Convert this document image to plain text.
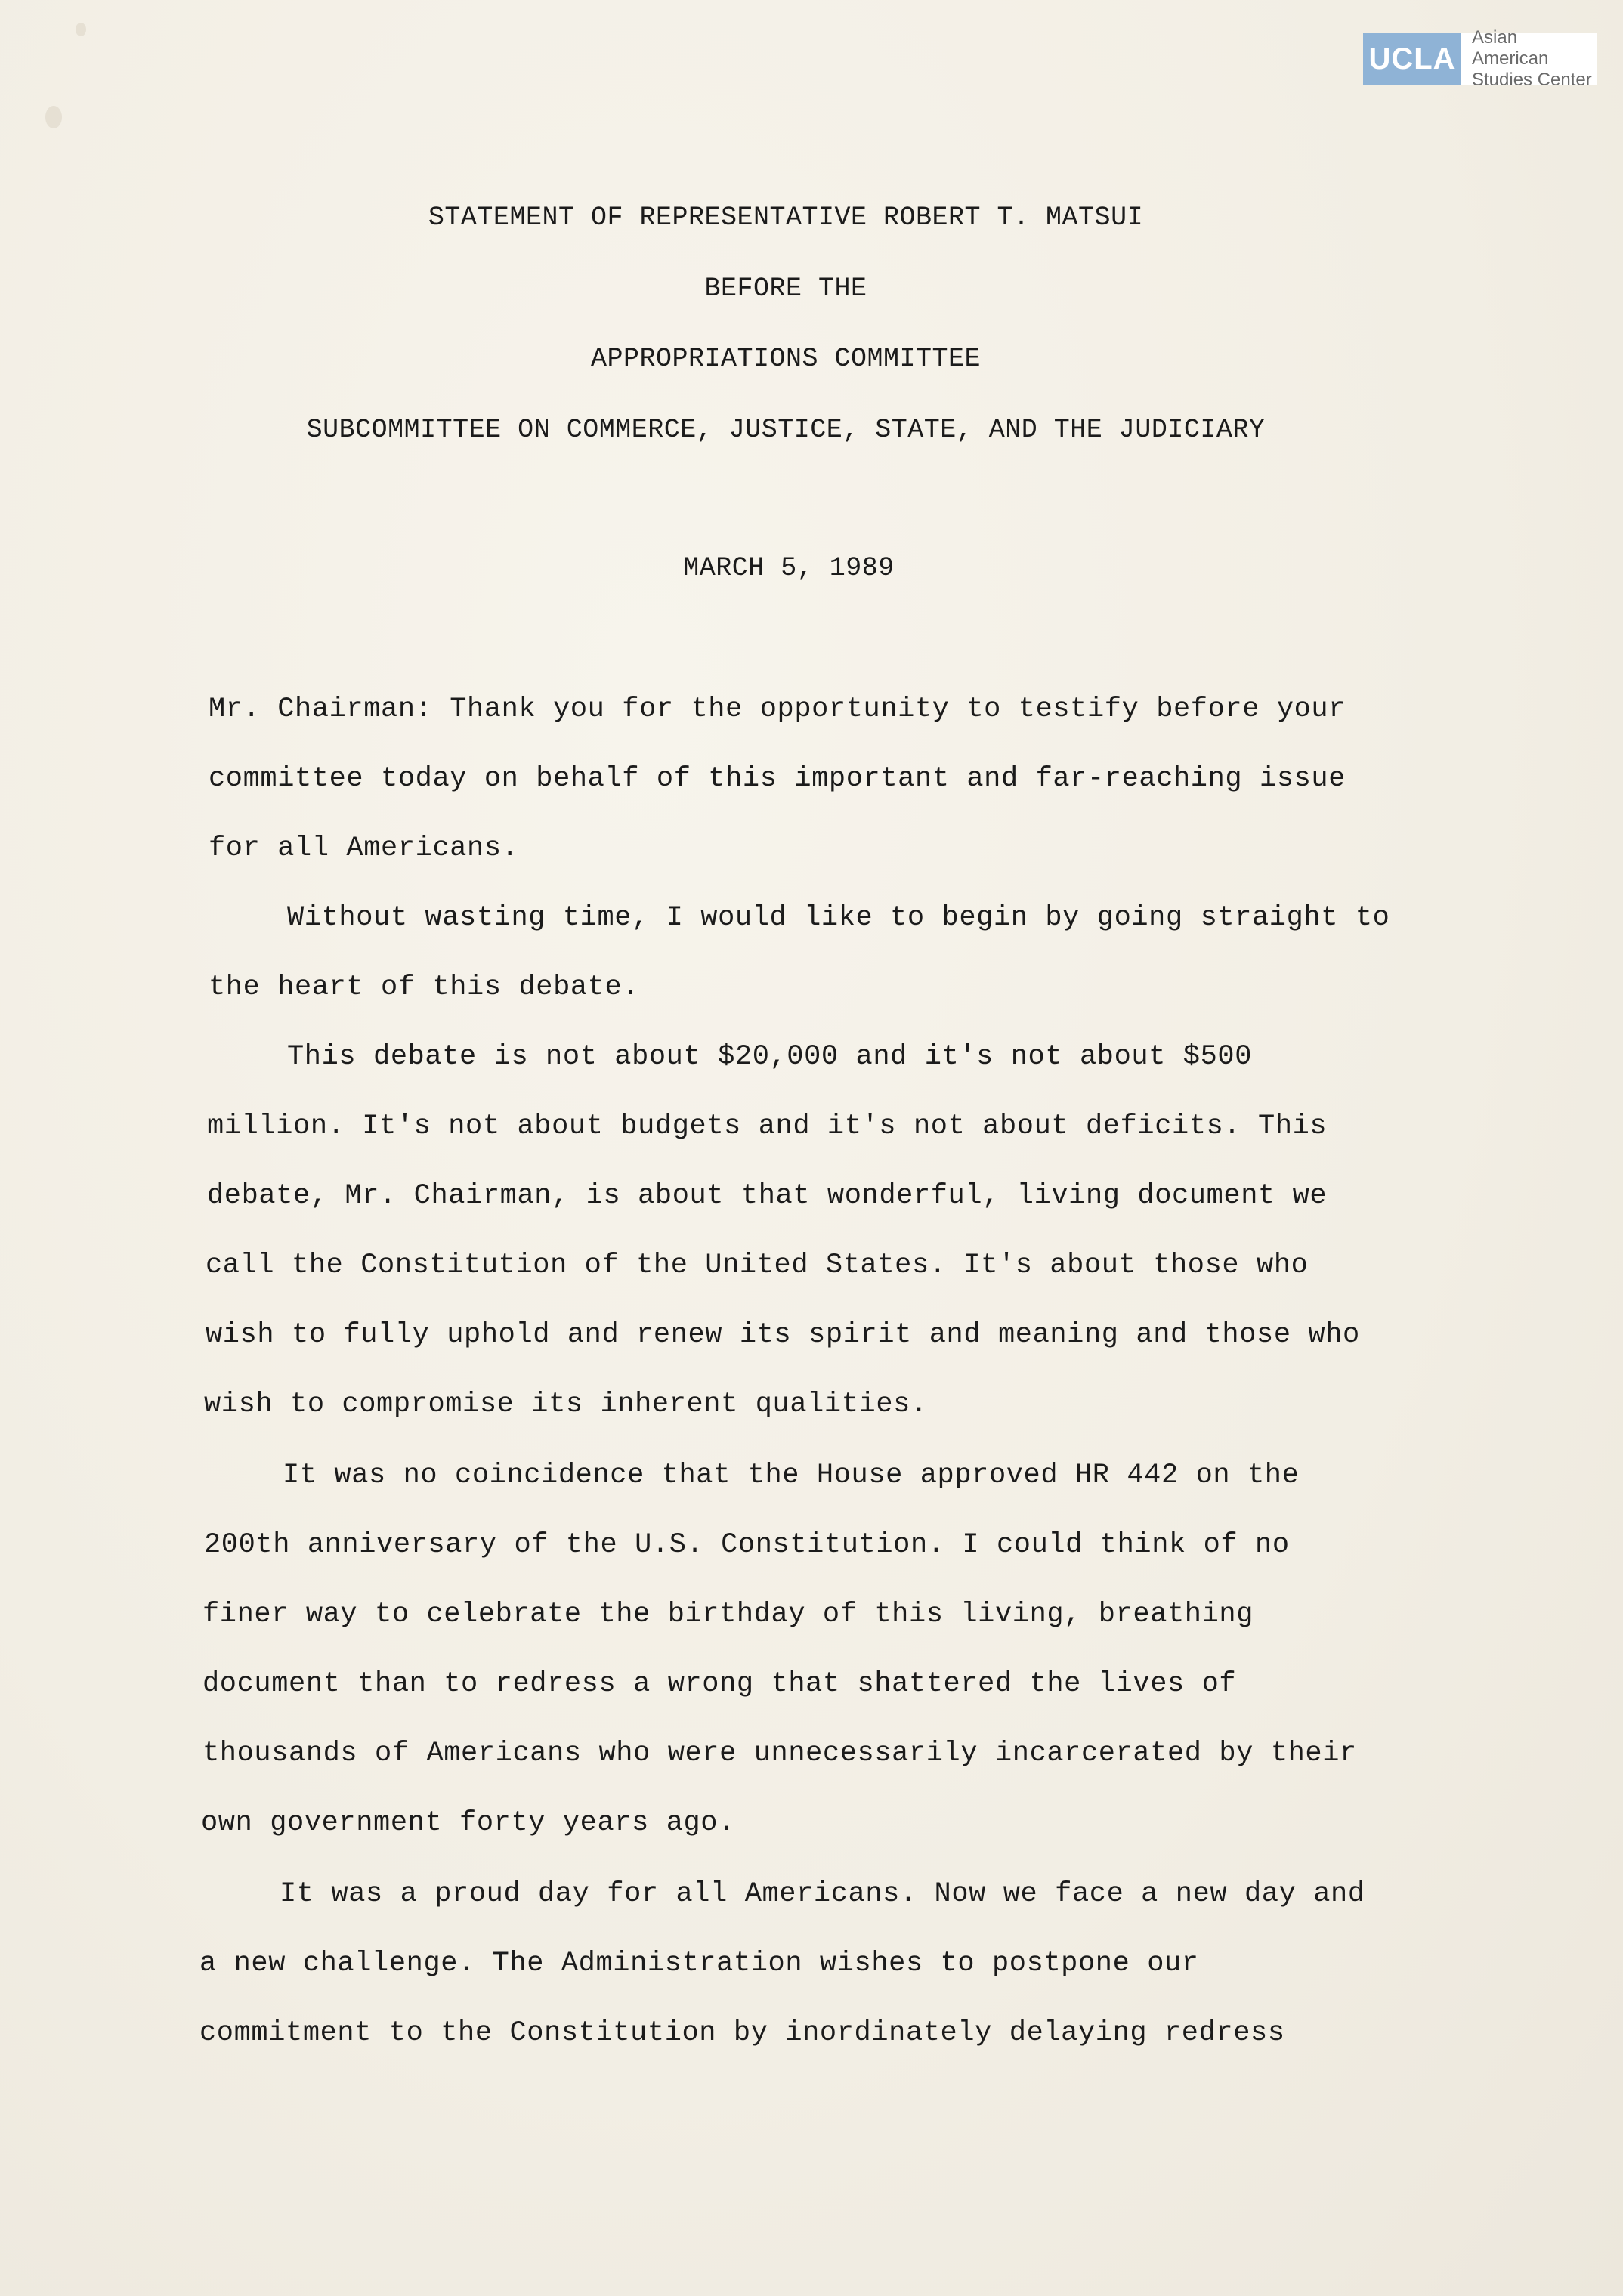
UCLA
Asian American
Studies Center
STATEMENT OF REPRESENTATIVE ROBERT T. MATSUI
BEFORE THE
APPROPRIATIONS COMMITTEE
SUBCOMMITTEE ON COMMERCE, JUSTICE, STATE, AND THE JUDICIARY
MARCH 5, 1989
Mr. Chairman: Thank you for the opportunity to testify before your
committee today on behalf of this important and far-reaching issue
for all Americans.
Without wasting time, I would like to begin by going straight to
the heart of this debate.
This debate is not about $20,000 and it's not about $500
million. It's not about budgets and it's not about deficits. This
debate, Mr. Chairman, is about that wonderful, living document we
call the Constitution of the United States. It's about those who
wish to fully uphold and renew its spirit and meaning and those who
wish to compromise its inherent qualities.
It was no coincidence that the House approved HR 442 on the
200th anniversary of the U.S. Constitution. I could think of no
finer way to celebrate the birthday of this living, breathing
document than to redress a wrong that shattered the lives of
thousands of Americans who were unnecessarily incarcerated by their
own government forty years ago.
It was a proud day for all Americans. Now we face a new day and
a new challenge. The Administration wishes to postpone our
commitment to the Constitution by inordinately delaying redress
